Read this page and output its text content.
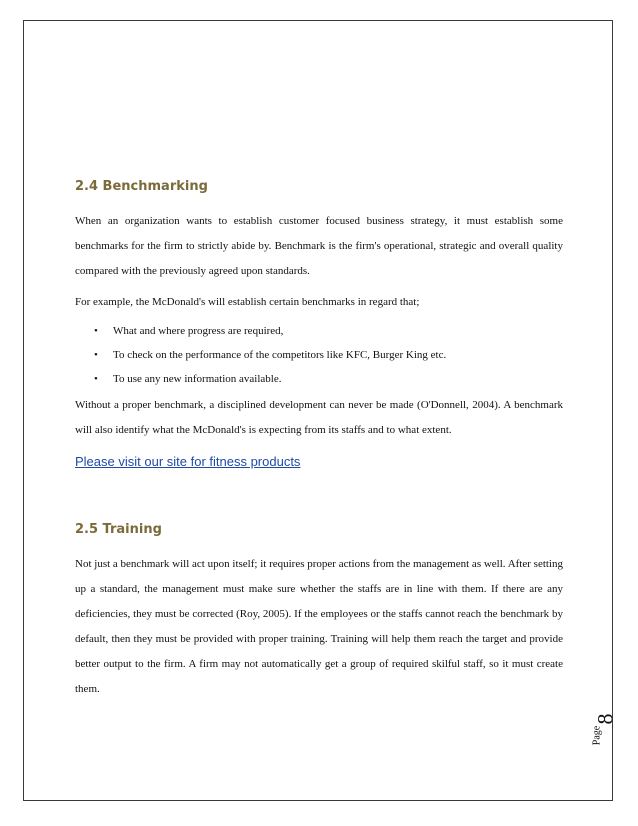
2.4 Benchmarking

When an organization wants to establish customer focused business strategy, it must establish some benchmarks for the firm to strictly abide by. Benchmark is the firm's operational, strategic and overall quality compared with the previously agreed upon standards.

For example, the McDonald's will establish certain benchmarks in regard that;

• What and where progress are required,
• To check on the performance of the competitors like KFC, Burger King etc.
• To use any new information available.

Without a proper benchmark, a disciplined development can never be made (O'Donnell, 2004). A benchmark will also identify what the McDonald's is expecting from its staffs and to what extent.

Please visit our site for fitness products
2.5 Training

Not just a benchmark will act upon itself; it requires proper actions from the management as well. After setting up a standard, the management must make sure whether the staffs are in line with them. If there are any deficiencies, they must be corrected (Roy, 2005). If the employees or the staffs cannot reach the benchmark by default, then they must be provided with proper training. Training will help them reach the target and provide better output to the firm. A firm may not automatically get a group of required skilful staff, so it must create them.

Page
8
